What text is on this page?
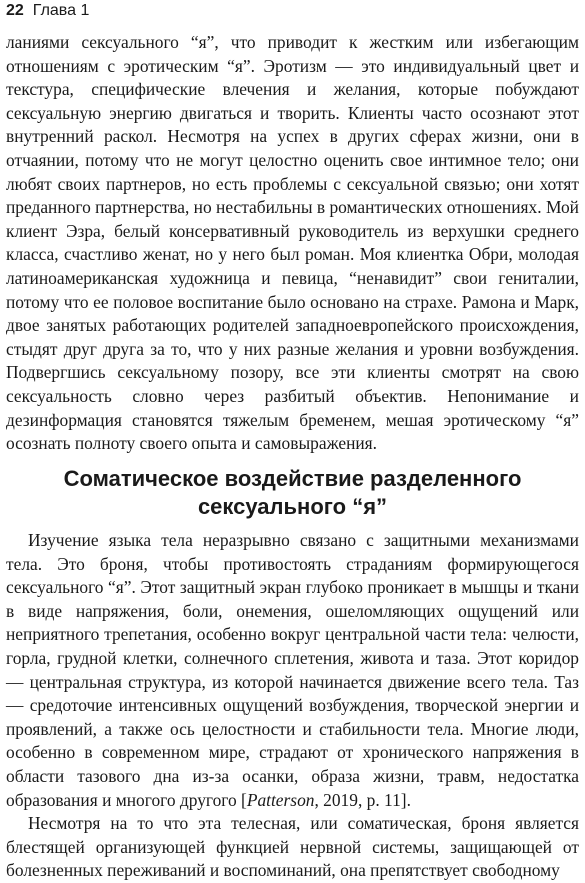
22 Глава 1

ланиями сексуального “я”, что приводит к жестким или избегающим отношениям с эротическим “я”. Эротизм — это индивидуальный цвет и текстура, специфические влечения и желания, которые побуждают сексуальную энергию двигаться и творить. Клиенты часто осознают этот внутренний раскол. Несмотря на успех в других сферах жизни, они в отчаянии, потому что не могут целостно оценить свое интимное тело; они любят своих партнеров, но есть проблемы с сексуальной связью; они хотят преданного партнерства, но нестабильны в романтических отношениях. Мой клиент Эзра, белый консервативный руководитель из верхушки среднего класса, счастливо женат, но у него был роман. Моя клиентка Обри, молодая латиноамериканская художница и певица, “ненавидит” свои гениталии, потому что ее половое воспитание было основано на страхе. Рамона и Марк, двое занятых работающих родителей западноевропейского происхождения, стыдят друг друга за то, что у них разные желания и уровни возбуждения. Подвергшись сексуальному позору, все эти клиенты смотрят на свою сексуальность словно через разбитый объектив. Непонимание и дезинформация становятся тяжелым бременем, мешая эротическому “я” осознать полноту своего опыта и самовыражения.

Соматическое воздействие разделенного
сексуального “я”

Изучение языка тела неразрывно связано с защитными механизмами тела. Это броня, чтобы противостоять страданиям формирующегося сексуального “я”. Этот защитный экран глубоко проникает в мышцы и ткани в виде напряжения, боли, онемения, ошеломляющих ощущений или неприятного трепетания, особенно вокруг центральной части тела: челюсти, горла, грудной клетки, солнечного сплетения, живота и таза. Этот коридор — центральная структура, из которой начинается движение всего тела. Таз — средоточие интенсивных ощущений возбуждения, творческой энергии и проявлений, а также ось целостности и стабильности тела. Многие люди, особенно в современном мире, страдают от хронического напряжения в области тазового дна из-за осанки, образа жизни, травм, недостатка образования и многого другого [Patterson, 2019, p. 11].

Несмотря на то что эта телесная, или соматическая, броня является блестящей организующей функцией нервной системы, защищающей от болезненных переживаний и воспоминаний, она препятствует свободному
